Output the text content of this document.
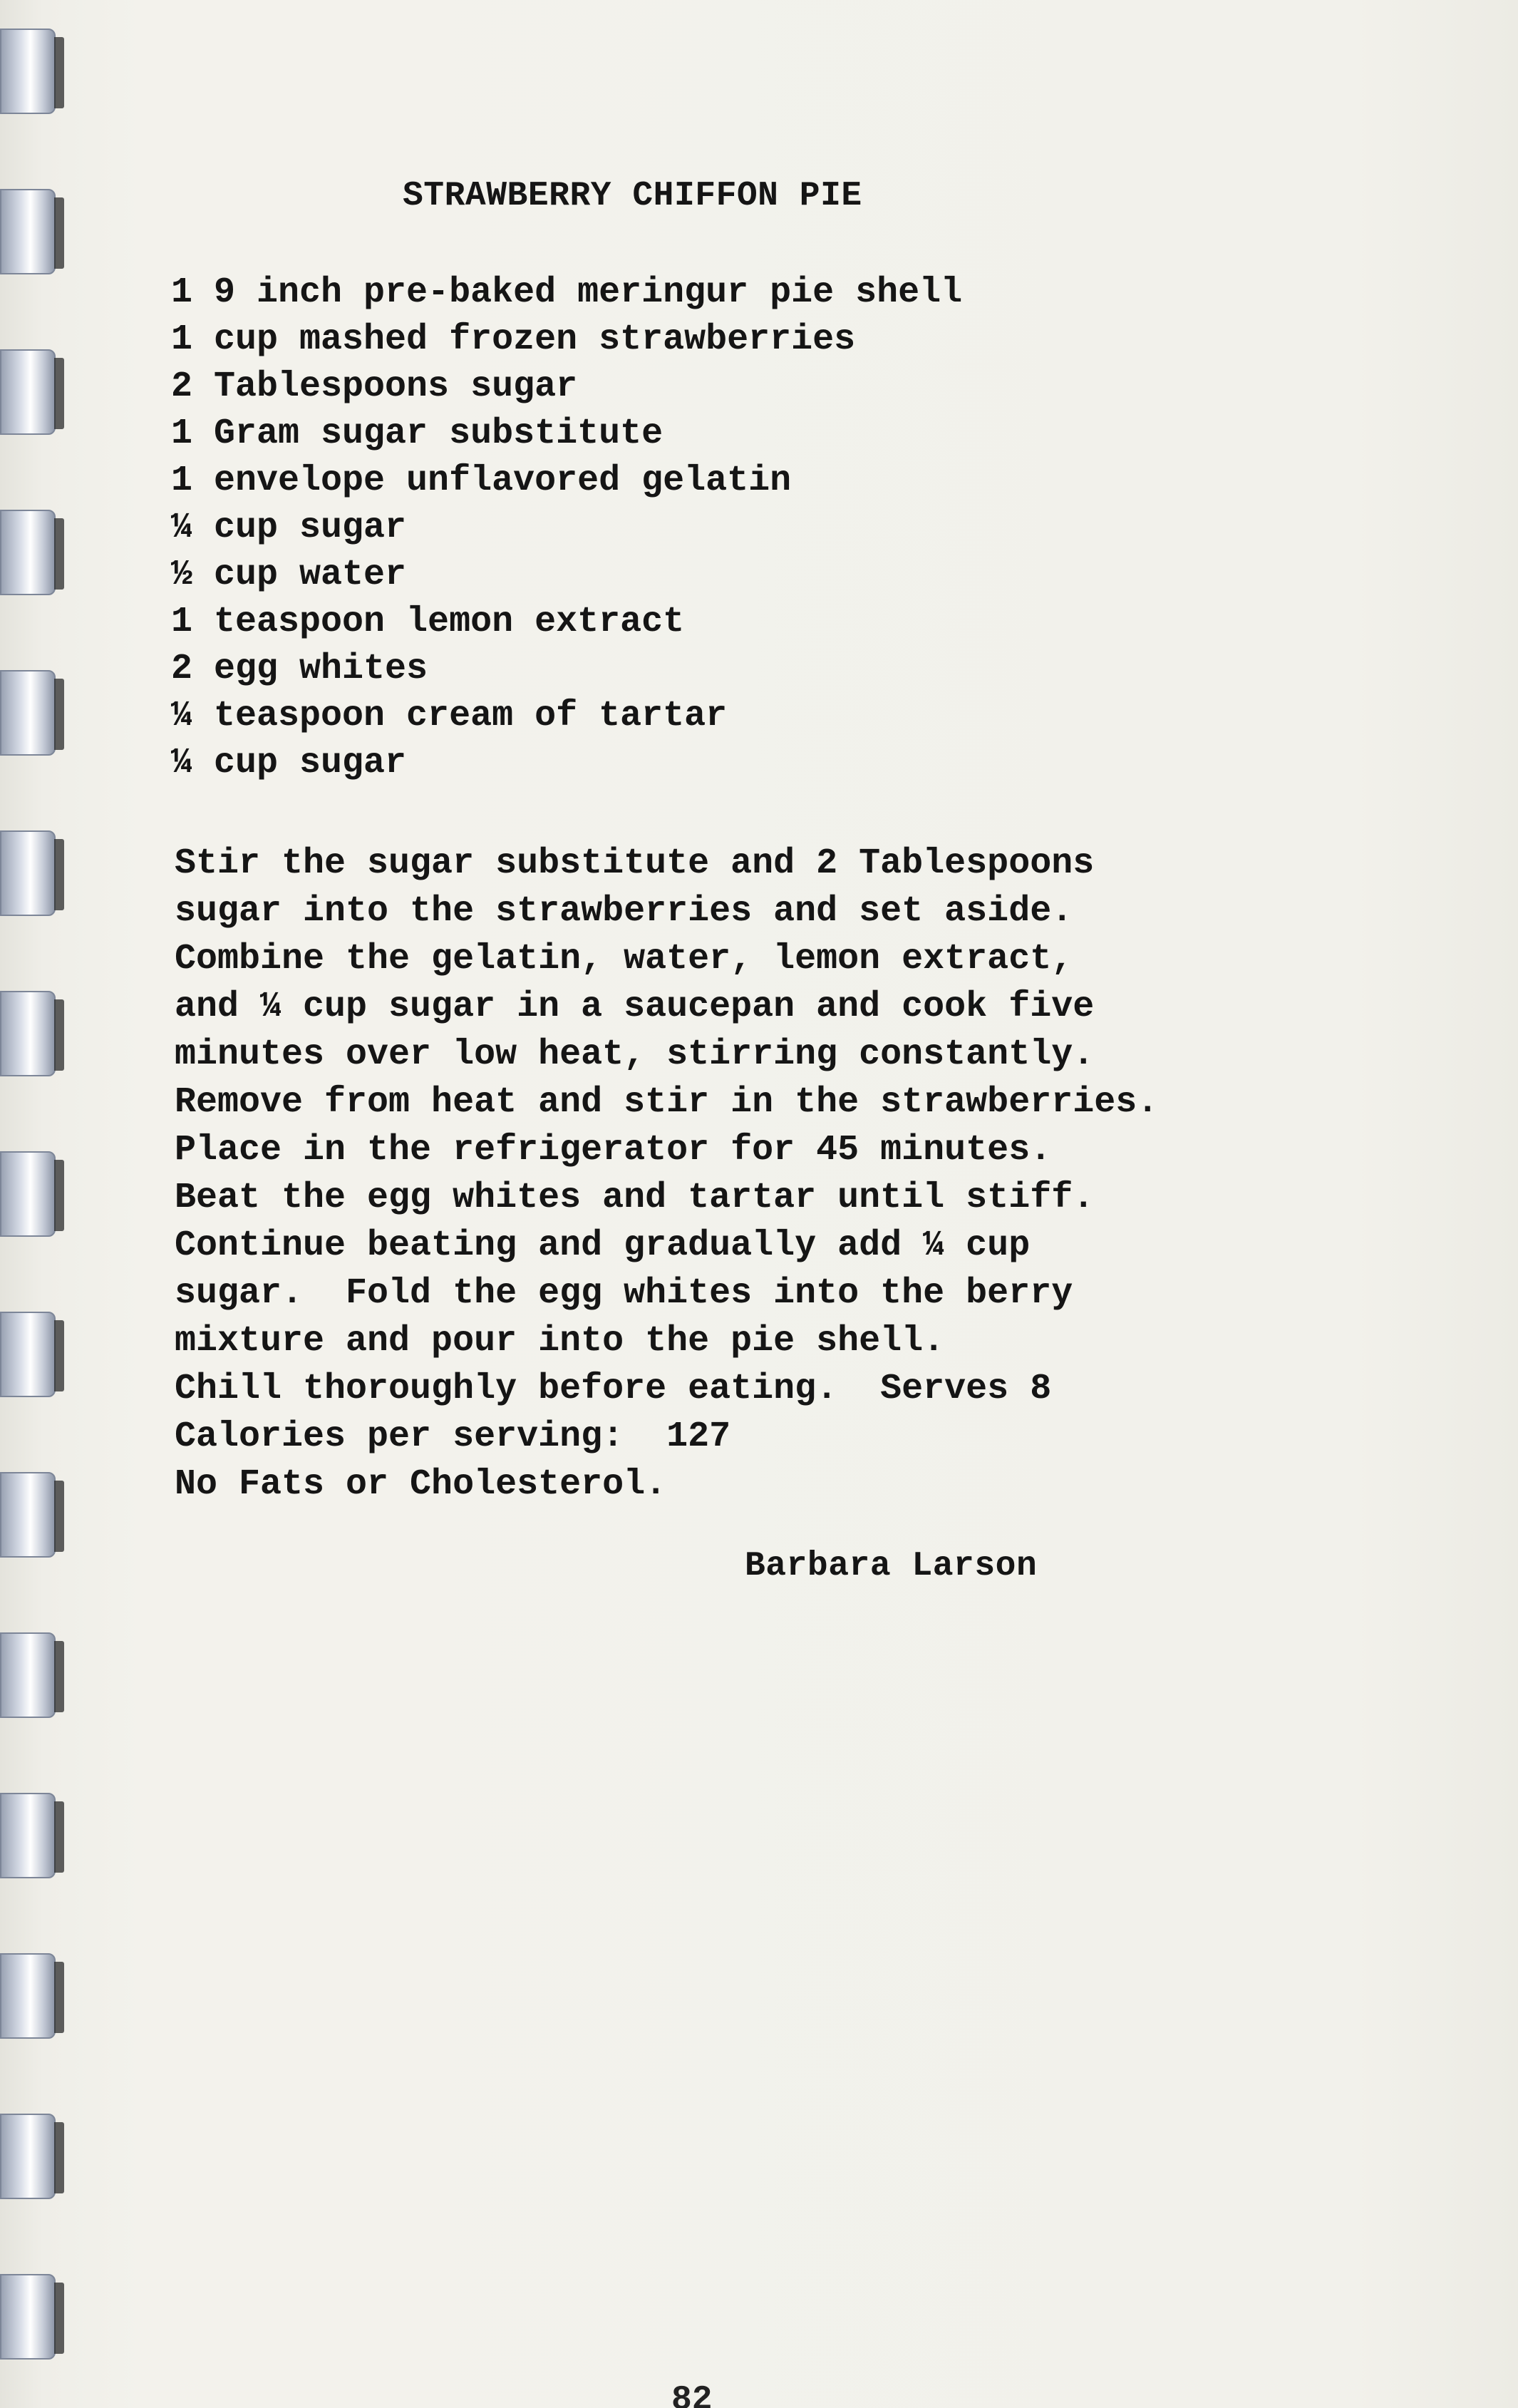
STRAWBERRY CHIFFON PIE
1 9 inch pre-baked meringur pie shell
1 cup mashed frozen strawberries
2 Tablespoons sugar
1 Gram sugar substitute
1 envelope unflavored gelatin
¼ cup sugar
½ cup water
1 teaspoon lemon extract
2 egg whites
¼ teaspoon cream of tartar
¼ cup sugar
Stir the sugar substitute and 2 Tablespoons
sugar into the strawberries and set aside.
Combine the gelatin, water, lemon extract,
and ¼ cup sugar in a saucepan and cook five
minutes over low heat, stirring constantly.
Remove from heat and stir in the strawberries.
Place in the refrigerator for 45 minutes.
Beat the egg whites and tartar until stiff.
Continue beating and gradually add ¼ cup
sugar.  Fold the egg whites into the berry
mixture and pour into the pie shell.
Chill thoroughly before eating.  Serves 8
Calories per serving:  127
No Fats or Cholesterol.
Barbara Larson
82
